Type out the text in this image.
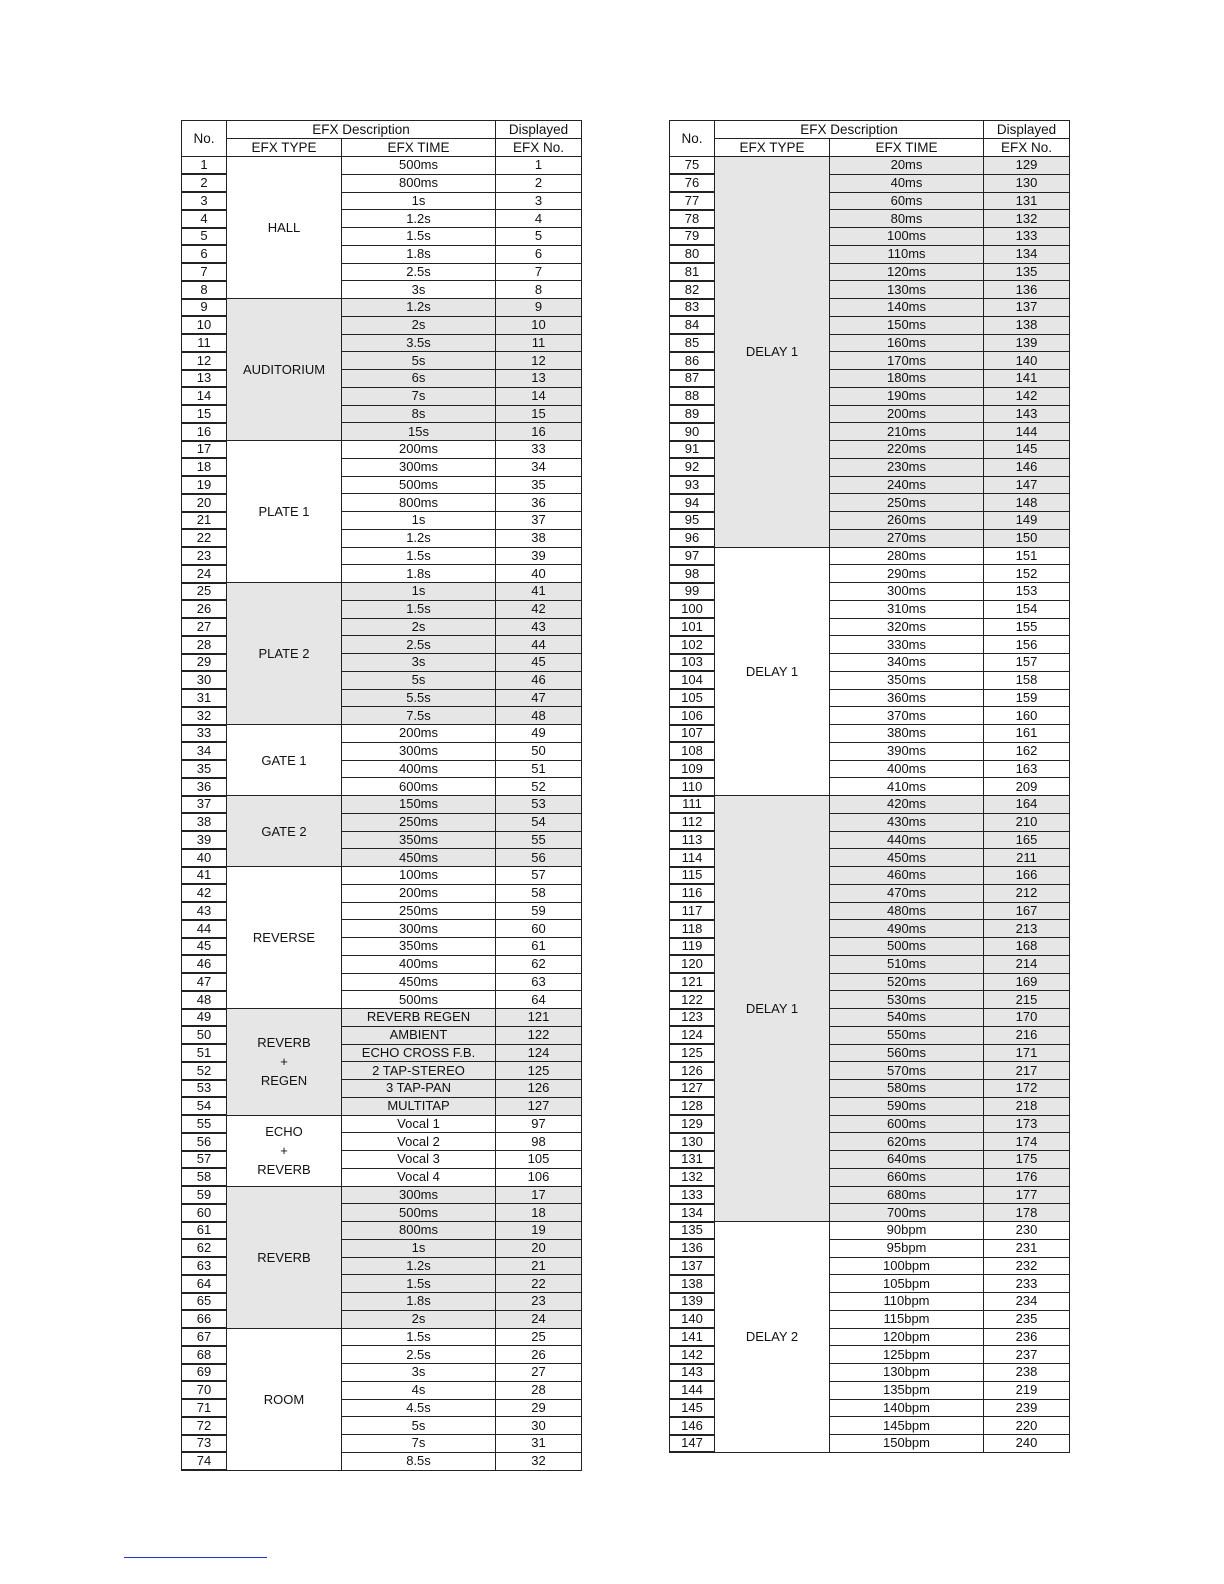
No.	EFX Description		Displayed
	EFX TYPE	EFX TIME	EFX No.
1	HALL	500ms	1
2		800ms	2
3		1s	3
4		1.2s	4
5		1.5s	5
6		1.8s	6
7		2.5s	7
8		3s	8
9	AUDITORIUM	1.2s	9
10		2s	10
11		3.5s	11
12		5s	12
13		6s	13
14		7s	14
15		8s	15
16		15s	16
17	PLATE 1	200ms	33
18		300ms	34
19		500ms	35
20		800ms	36
21		1s	37
22		1.2s	38
23		1.5s	39
24		1.8s	40
25	PLATE 2	1s	41
26		1.5s	42
27		2s	43
28		2.5s	44
29		3s	45
30		5s	46
31		5.5s	47
32		7.5s	48
33	GATE 1	200ms	49
34		300ms	50
35		400ms	51
36		600ms	52
37	GATE 2	150ms	53
38		250ms	54
39		350ms	55
40		450ms	56
41	REVERSE	100ms	57
42		200ms	58
43		250ms	59
44		300ms	60
45		350ms	61
46		400ms	62
47		450ms	63
48		500ms	64
49	REVERB
+
REGEN	REVERB REGEN	121
50		AMBIENT	122
51		ECHO CROSS F.B.	124
52		2 TAP-STEREO	125
53		3 TAP-PAN	126
54		MULTITAP	127
55	ECHO
+
REVERB	Vocal 1	97
56		Vocal 2	98
57		Vocal 3	105
58		Vocal 4	106
59	REVERB	300ms	17
60		500ms	18
61		800ms	19
62		1s	20
63		1.2s	21
64		1.5s	22
65		1.8s	23
66		2s	24
67	ROOM	1.5s	25
68		2.5s	26
69		3s	27
70		4s	28
71		4.5s	29
72		5s	30
73		7s	31
74		8.5s	32
No.	EFX Description		Displayed
	EFX TYPE	EFX TIME	EFX No.
75	DELAY 1	20ms	129
76		40ms	130
77		60ms	131
78		80ms	132
79		100ms	133
80		110ms	134
81		120ms	135
82		130ms	136
83		140ms	137
84		150ms	138
85		160ms	139
86		170ms	140
87		180ms	141
88		190ms	142
89		200ms	143
90		210ms	144
91		220ms	145
92		230ms	146
93		240ms	147
94		250ms	148
95		260ms	149
96		270ms	150
97	DELAY 1	280ms	151
98		290ms	152
99		300ms	153
100		310ms	154
101		320ms	155
102		330ms	156
103		340ms	157
104		350ms	158
105		360ms	159
106		370ms	160
107		380ms	161
108		390ms	162
109		400ms	163
110		410ms	209
111	DELAY 1	420ms	164
112		430ms	210
113		440ms	165
114		450ms	211
115		460ms	166
116		470ms	212
117		480ms	167
118		490ms	213
119		500ms	168
120		510ms	214
121		520ms	169
122		530ms	215
123		540ms	170
124		550ms	216
125		560ms	171
126		570ms	217
127		580ms	172
128		590ms	218
129		600ms	173
130		620ms	174
131		640ms	175
132		660ms	176
133		680ms	177
134		700ms	178
135	DELAY 2	90bpm	230
136		95bpm	231
137		100bpm	232
138		105bpm	233
139		110bpm	234
140		115bpm	235
141		120bpm	236
142		125bpm	237
143		130bpm	238
144		135bpm	219
145		140bpm	239
146		145bpm	220
147		150bpm	240
